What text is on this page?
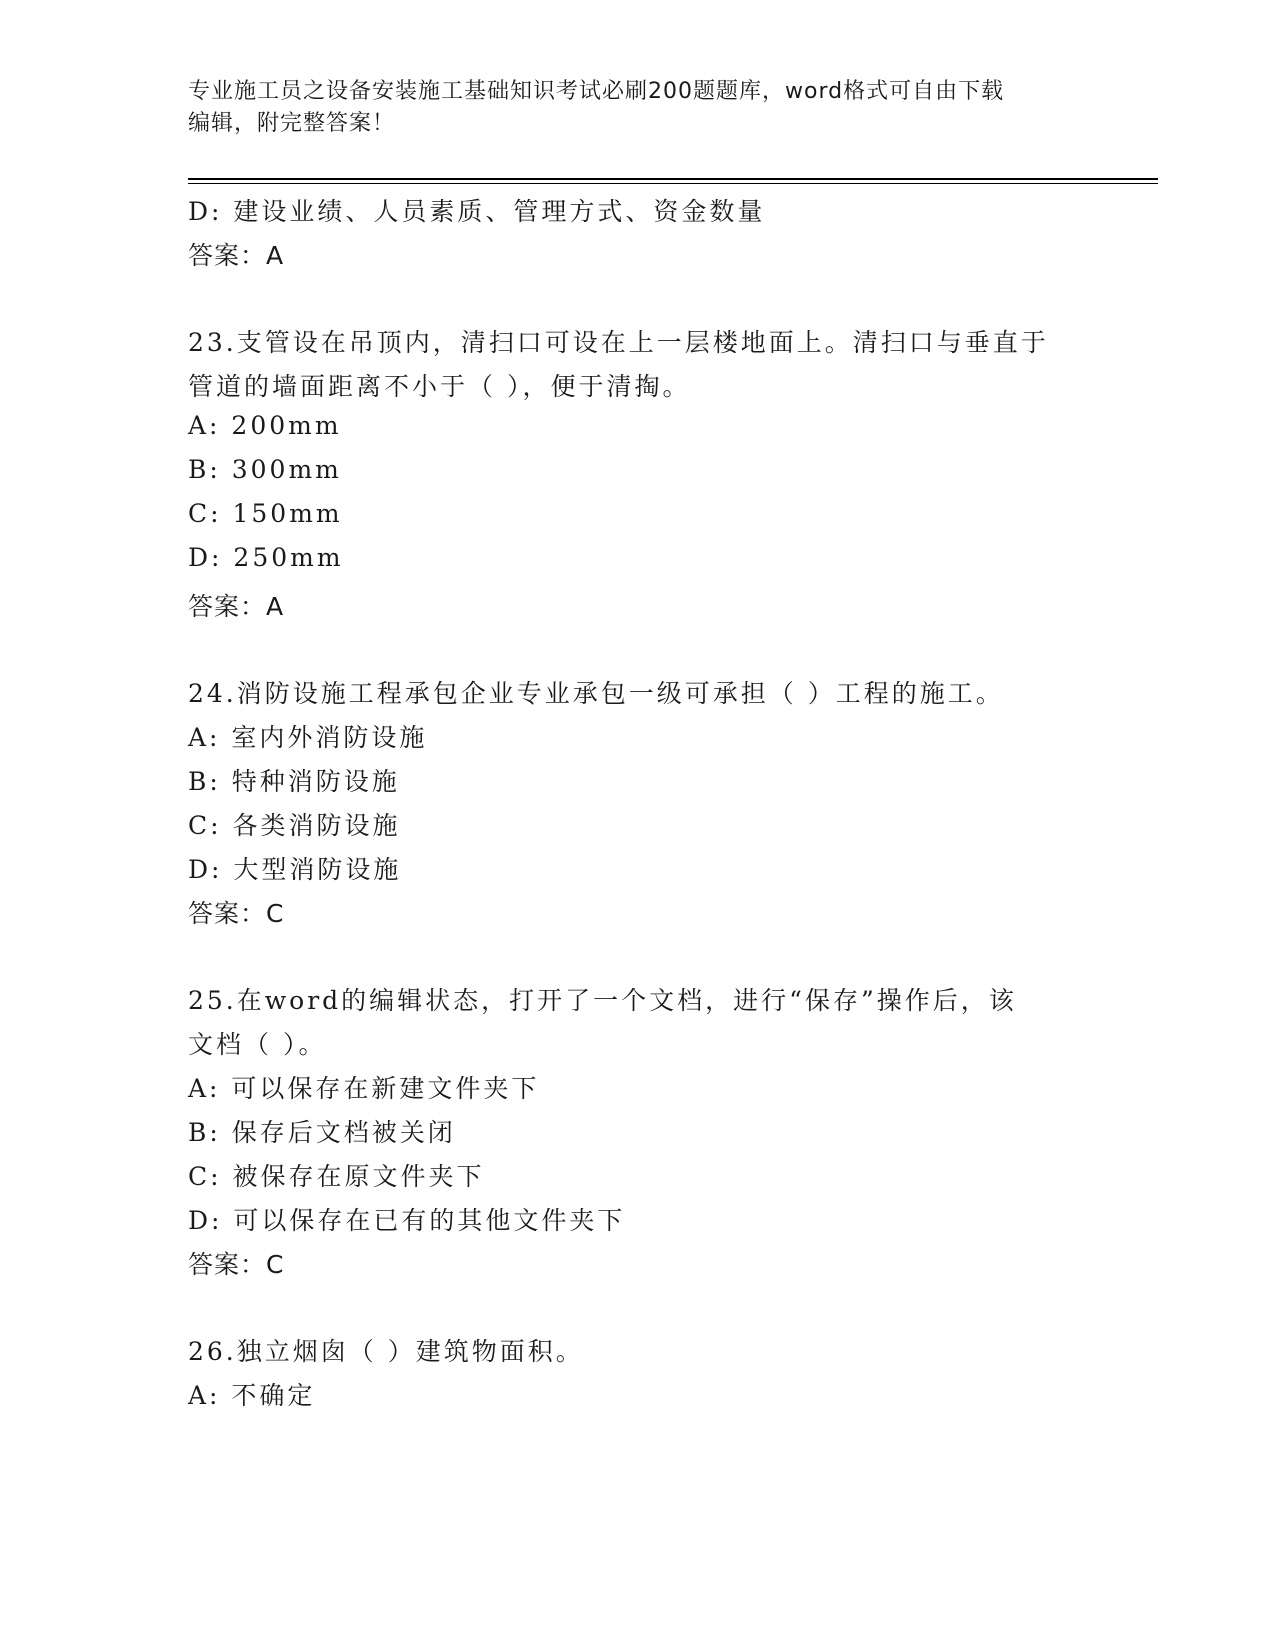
专业施工员之设备安装施工基础知识考试必刷200题题库，word格式可自由下载
编辑，附完整答案！
D: 建设业绩、人员素质、管理方式、资金数量
答案：A
23.支管设在吊顶内，清扫口可设在上一层楼地面上。清扫口与垂直于
管道的墙面距离不小于（ ），便于清掏。
A: 200mm
B: 300mm
C: 150mm
D: 250mm
答案：A
24.消防设施工程承包企业专业承包一级可承担（ ）工程的施工。
A: 室内外消防设施
B: 特种消防设施
C: 各类消防设施
D: 大型消防设施
答案：C
25.在word的编辑状态，打开了一个文档，进行“保存”操作后，该
文档（ ）。
A: 可以保存在新建文件夹下
B: 保存后文档被关闭
C: 被保存在原文件夹下
D: 可以保存在已有的其他文件夹下
答案：C
26.独立烟囱（ ）建筑物面积。
A: 不确定
